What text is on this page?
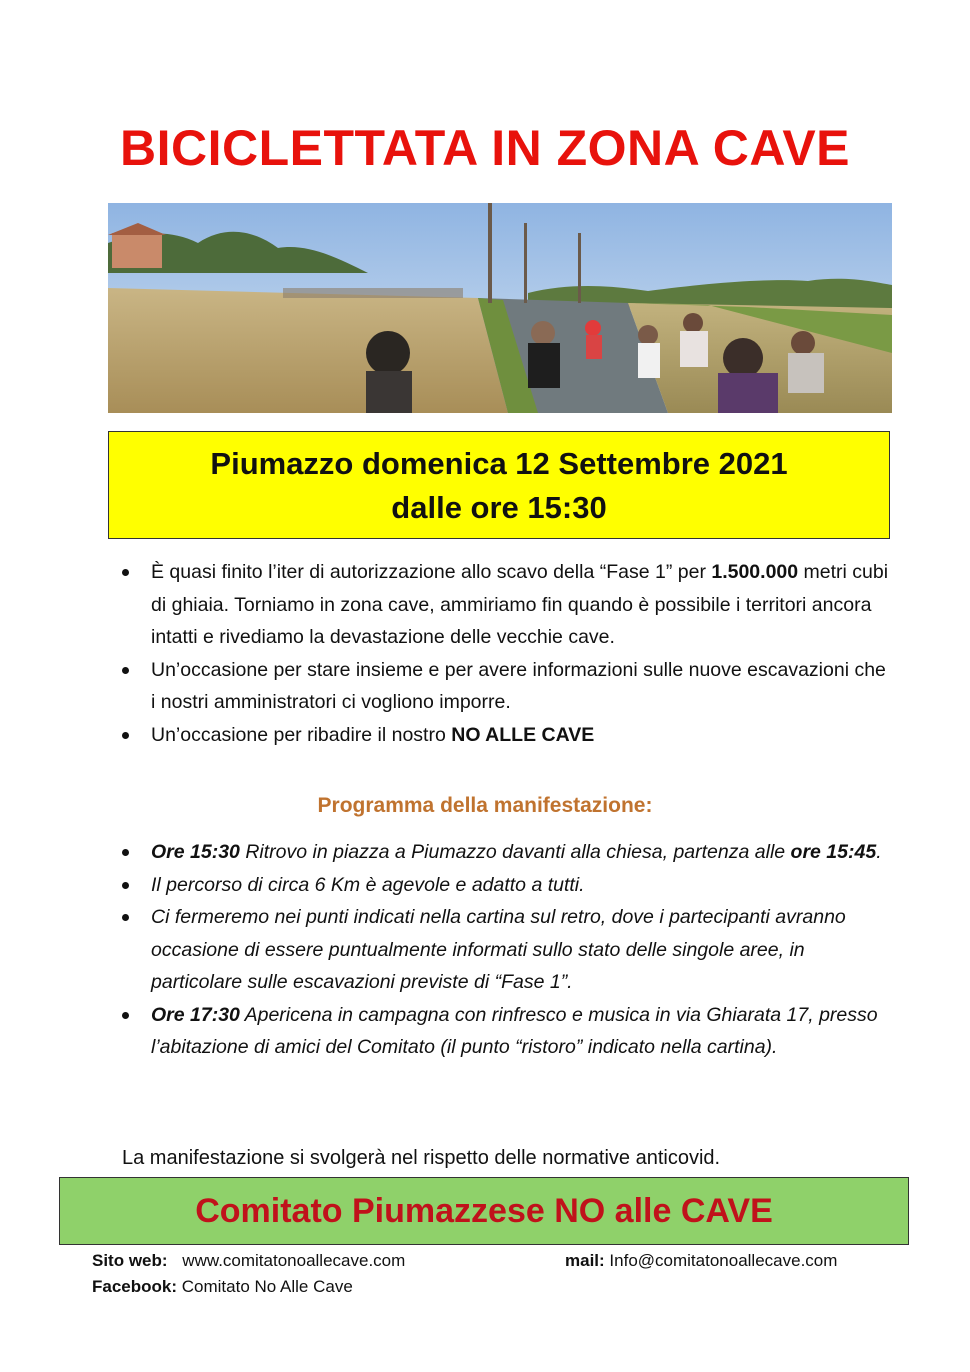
BICICLETTATA IN ZONA CAVE
Piumazzo domenica 12 Settembre 2021
dalle ore 15:30
È quasi finito l’iter di autorizzazione allo scavo della “Fase 1” per 1.500.000 metri cubi di ghiaia. Torniamo in zona cave, ammiriamo fin quando è possibile i territori ancora intatti e rivediamo la devastazione delle vecchie cave.
Un’occasione per stare insieme e per avere informazioni sulle nuove escavazioni che i nostri amministratori ci vogliono imporre.
Un’occasione per ribadire il nostro NO ALLE CAVE
Programma della manifestazione:
Ore 15:30 Ritrovo in piazza a Piumazzo davanti alla chiesa, partenza alle ore 15:45.
Il percorso di circa 6 Km è agevole e adatto a tutti.
Ci fermeremo nei punti indicati nella cartina sul retro, dove i partecipanti avranno occasione di essere puntualmente informati sullo stato delle singole aree, in particolare sulle escavazioni previste di “Fase 1”.
Ore 17:30 Apericena in campagna con rinfresco e musica in via Ghiarata 17, presso l’abitazione di amici del Comitato (il punto “ristoro” indicato nella cartina).
La manifestazione si svolgerà nel rispetto delle normative anticovid.
Comitato Piumazzese NO alle CAVE
Sito web: www.comitatonoallecave.com	mail: Info@comitatonoallecave.com
Facebook: Comitato No Alle Cave
